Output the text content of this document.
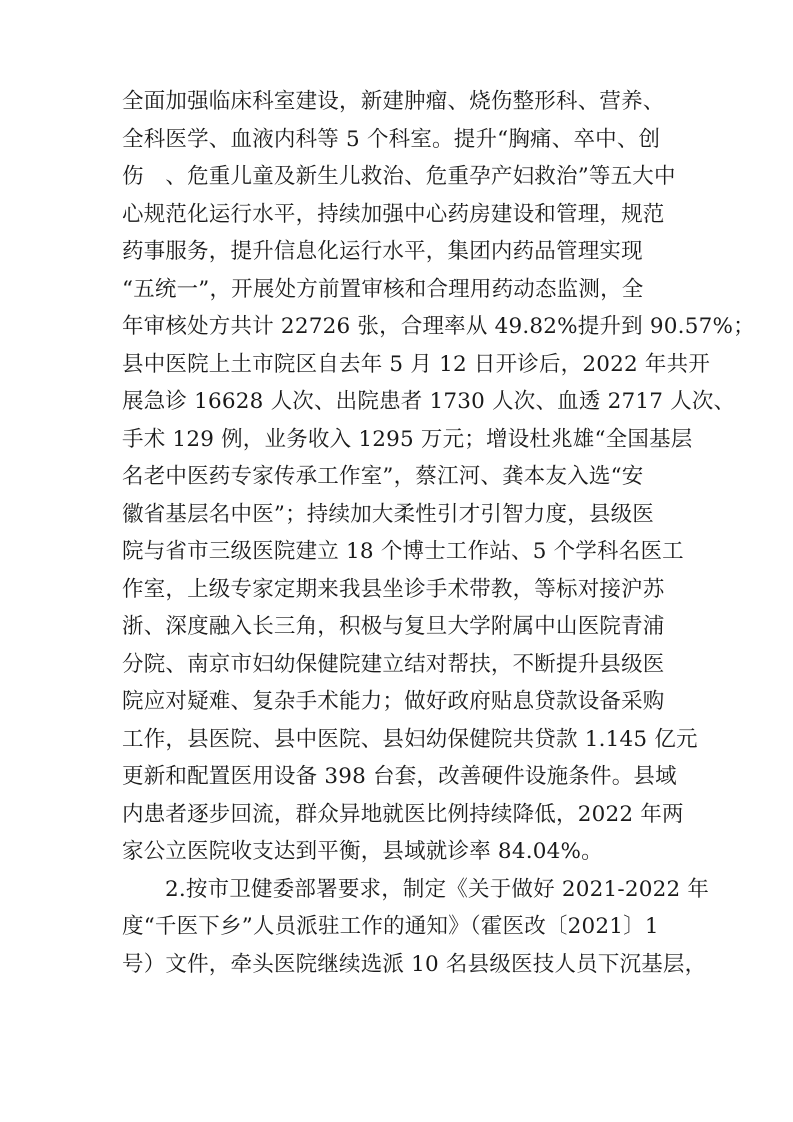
全面加强临床科室建设，新建肿瘤、烧伤整形科、营养、
全科医学、血液内科等 5 个科室。提升“胸痛、卒中、创
伤　、危重儿童及新生儿救治、危重孕产妇救治”等五大中
心规范化运行水平，持续加强中心药房建设和管理，规范
药事服务，提升信息化运行水平，集团内药品管理实现
“五统一”，开展处方前置审核和合理用药动态监测，全
年审核处方共计 22726 张，合理率从 49.82%提升到 90.57%；
县中医院上土市院区自去年 5 月 12 日开诊后，2022 年共开
展急诊 16628 人次、出院患者 1730 人次、血透 2717 人次、
手术 129 例，业务收入 1295 万元；增设杜兆雄“全国基层
名老中医药专家传承工作室”，蔡江河、龚本友入选“安
徽省基层名中医”；持续加大柔性引才引智力度，县级医
院与省市三级医院建立 18 个博士工作站、5 个学科名医工
作室，上级专家定期来我县坐诊手术带教，等标对接沪苏
浙、深度融入长三角，积极与复旦大学附属中山医院青浦
分院、南京市妇幼保健院建立结对帮扶，不断提升县级医
院应对疑难、复杂手术能力；做好政府贴息贷款设备采购
工作，县医院、县中医院、县妇幼保健院共贷款 1.145 亿元
更新和配置医用设备 398 台套，改善硬件设施条件。县域
内患者逐步回流，群众异地就医比例持续降低，2022 年两
家公立医院收支达到平衡，县域就诊率 84.04%。
2.按市卫健委部署要求，制定《关于做好 2021-2022 年
度“千医下乡”人员派驻工作的通知》（霍医改〔2021〕1
号）文件，牵头医院继续选派 10 名县级医技人员下沉基层，
